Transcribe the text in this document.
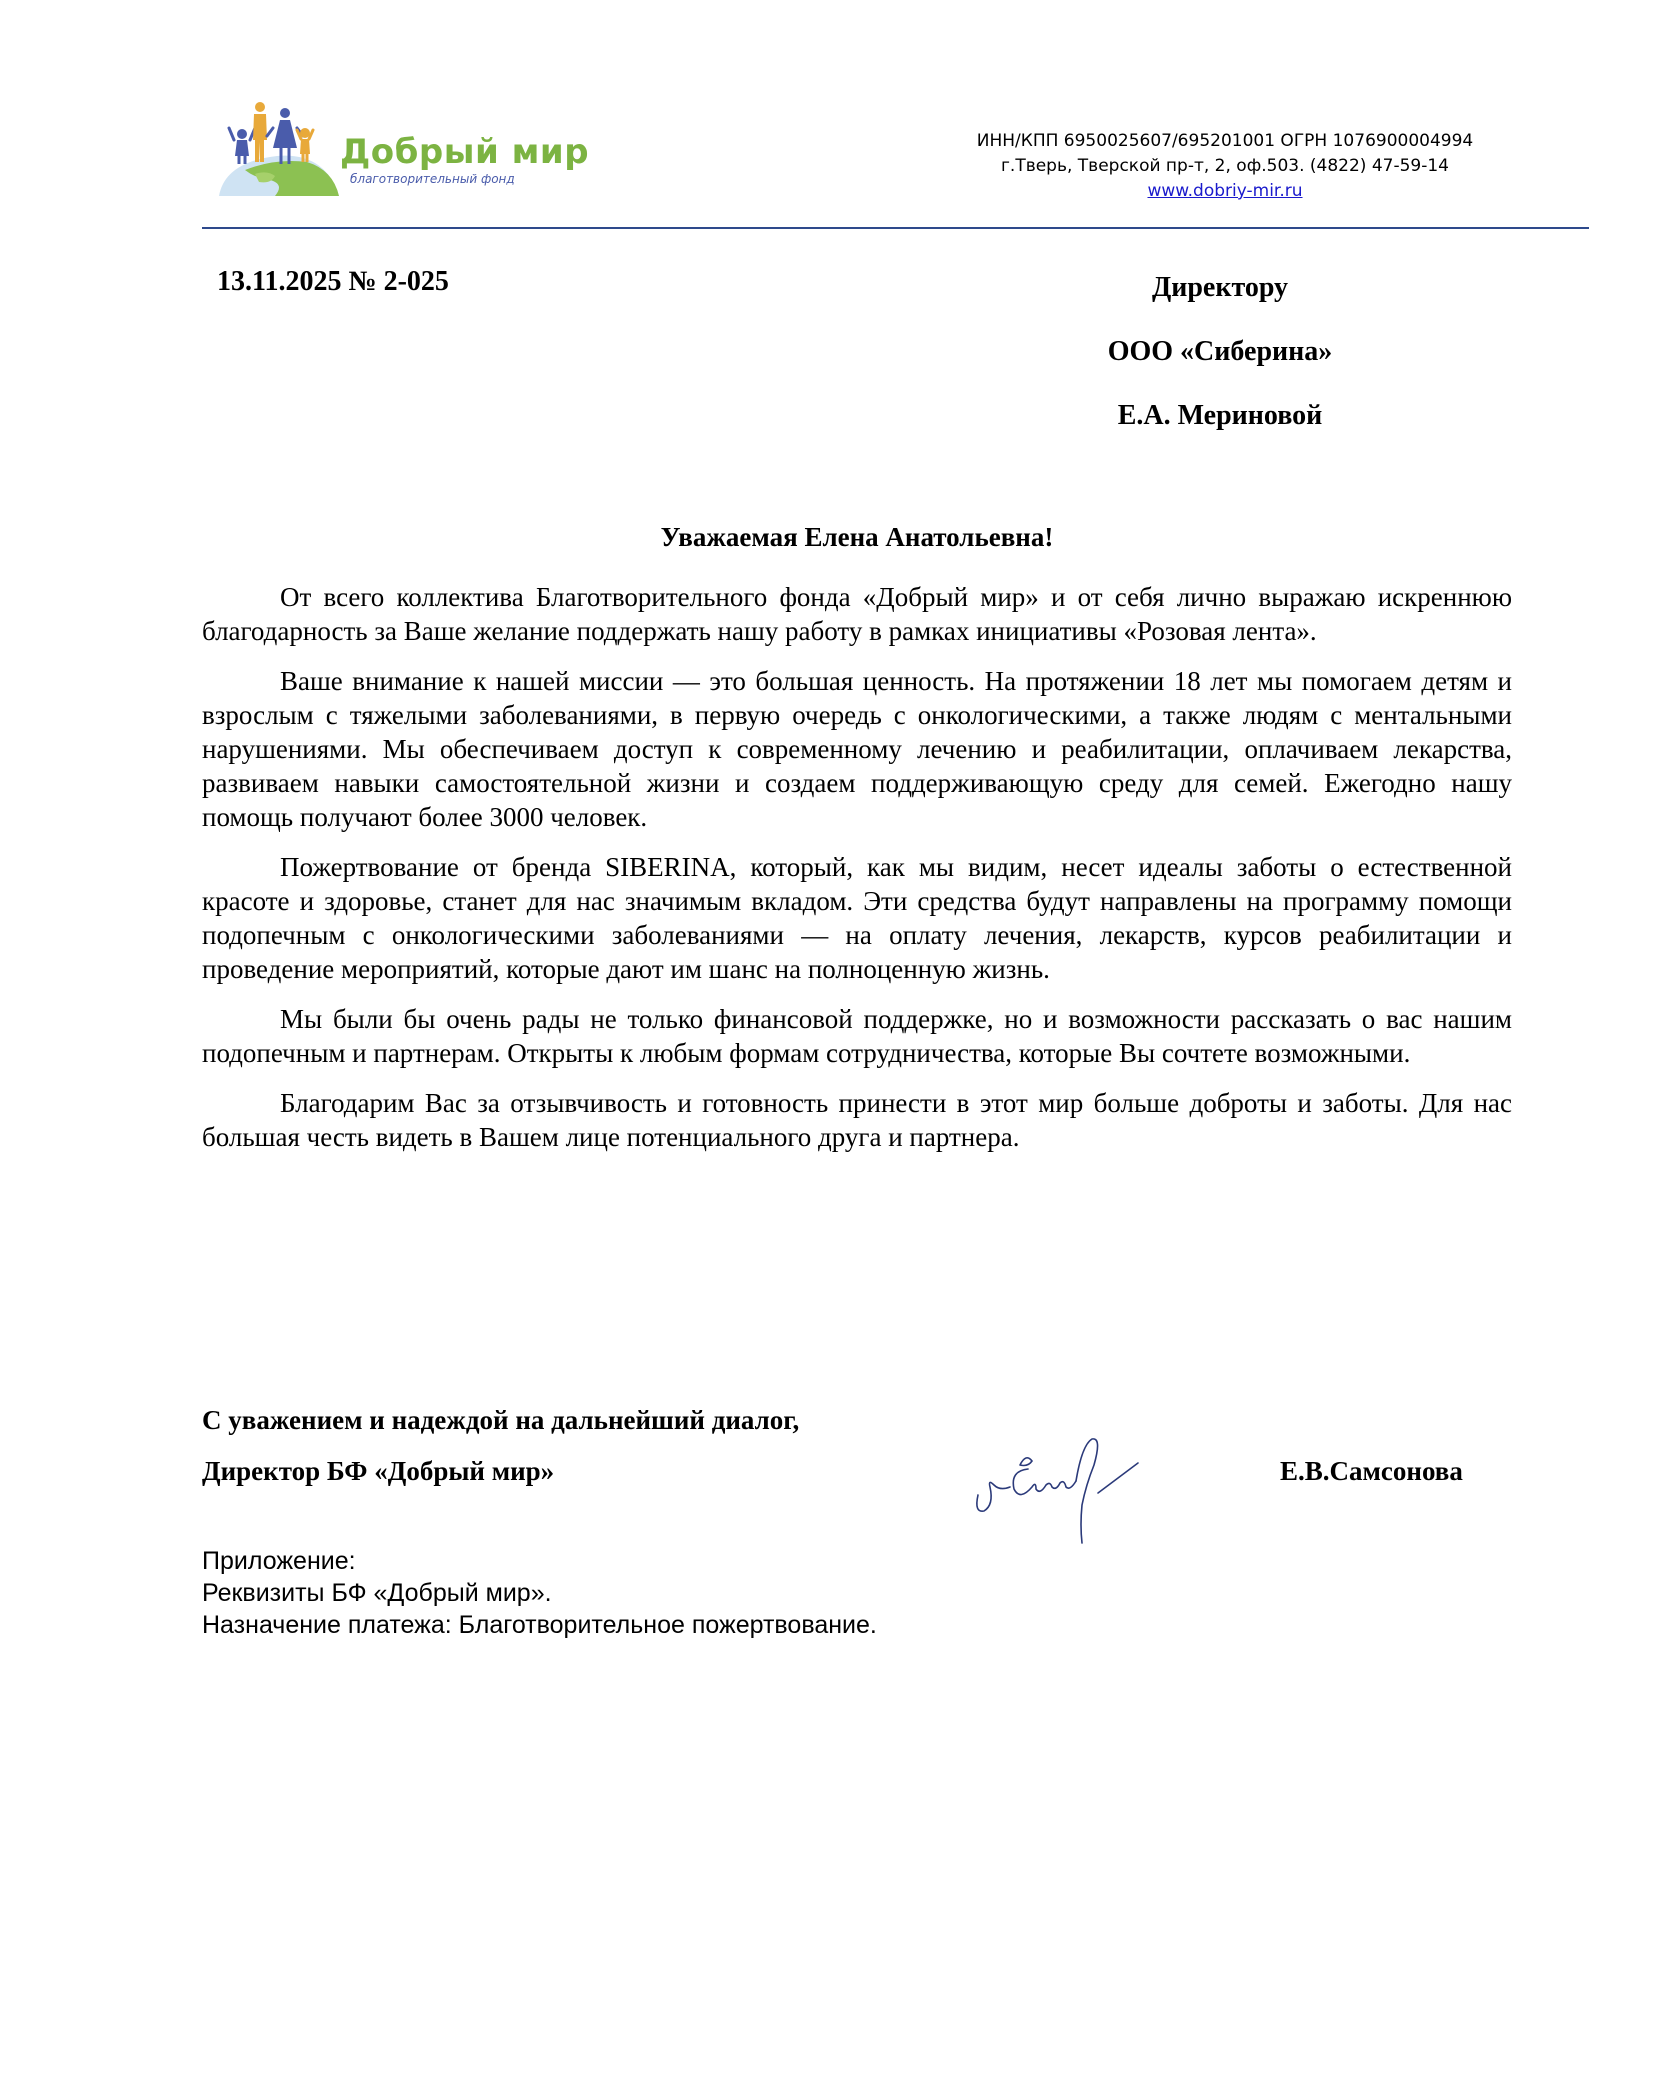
Добрый мир
благотворительный фонд
ИНН/КПП 6950025607/695201001 ОГРН 1076900004994
г.Тверь, Тверской пр-т, 2, оф.503. (4822) 47-59-14
www.dobriy-mir.ru
13.11.2025 № 2-025	Директору
ООО «Сиберина»
Е.А. Мериновой
Уважаемая Елена Анатольевна!

От всего коллектива Благотворительного фонда «Добрый мир» и от себя лично выражаю искреннюю благодарность за Ваше желание поддержать нашу работу в рамках инициативы «Розовая лента».

Ваше внимание к нашей миссии — это большая ценность. На протяжении 18 лет мы помогаем детям и взрослым с тяжелыми заболеваниями, в первую очередь с онкологическими, а также людям с ментальными нарушениями. Мы обеспечиваем доступ к современному лечению и реабилитации, оплачиваем лекарства, развиваем навыки самостоятельной жизни и создаем поддерживающую среду для семей. Ежегодно нашу помощь получают более 3000 человек.

Пожертвование от бренда SIBERINA, который, как мы видим, несет идеалы заботы о естественной красоте и здоровье, станет для нас значимым вкладом. Эти средства будут направлены на программу помощи подопечным с онкологическими заболеваниями — на оплату лечения, лекарств, курсов реабилитации и проведение мероприятий, которые дают им шанс на полноценную жизнь.

Мы были бы очень рады не только финансовой поддержке, но и возможности рассказать о вас нашим подопечным и партнерам. Открыты к любым формам сотрудничества, которые Вы сочтете возможными.

Благодарим Вас за отзывчивость и готовность принести в этот мир больше доброты и заботы. Для нас большая честь видеть в Вашем лице потенциального друга и партнера.

С уважением и надеждой на дальнейший диалог,
Директор БФ «Добрый мир»	Е.В.Самсонова
Приложение:
Реквизиты БФ «Добрый мир».
Назначение платежа: Благотворительное пожертвование.
